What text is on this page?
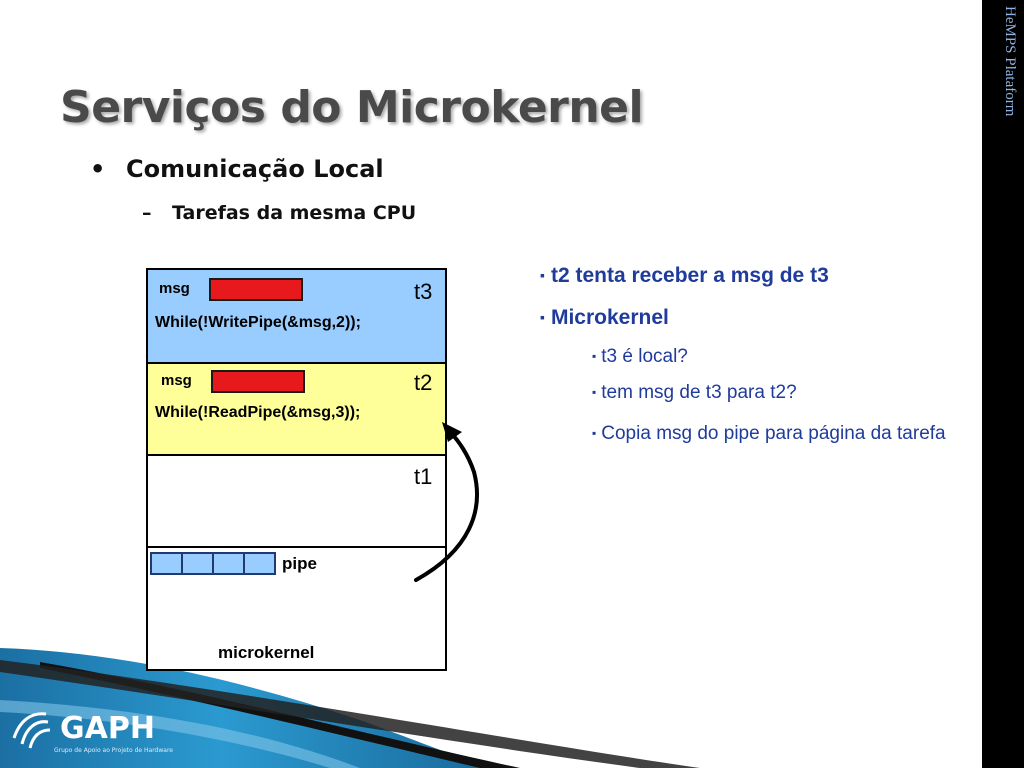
HeMPS Plataform
Serviços do Microkernel
• Comunicação Local
– Tarefas da mesma CPU
msg	t3
While(!WritePipe(&msg,2));
msg	t2
While(!ReadPipe(&msg,3));
t1
pipe
microkernel
▪ t2 tenta receber a msg de t3
▪ Microkernel
▪ t3 é local?
▪ tem msg de t3 para t2?
▪ Copia msg do pipe para página da tarefa
GAPH
Grupo de Apoio ao Projeto de Hardware
